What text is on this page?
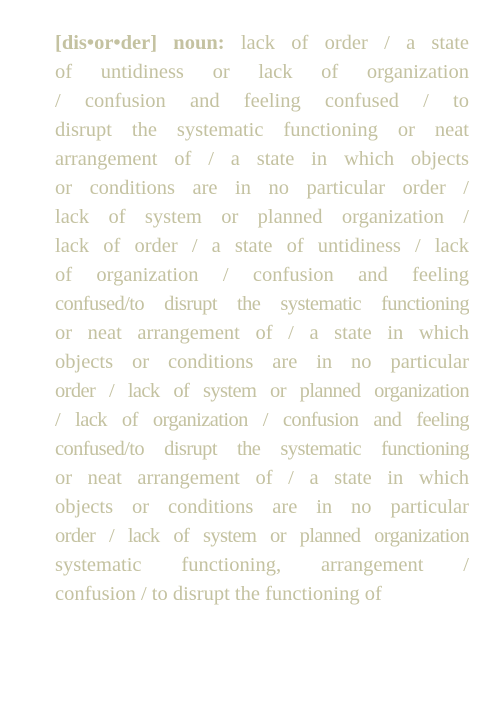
[dis•or•der] noun: lack of order / a state
of untidiness or lack of organization
/ confusion and feeling confused / to
disrupt the systematic functioning or neat
arrangement of / a state in which objects
or conditions are in no particular order /
lack of system or planned organization /
lack of order / a state of untidiness / lack
of organization / confusion and feeling
confused/to disrupt the systematic functioning
or neat arrangement of / a state in which
objects or conditions are in no particular
order / lack of system or planned organization
/ lack of organization / confusion and feeling
confused/to disrupt the systematic functioning
or neat arrangement of / a state in which
objects or conditions are in no particular
order / lack of system or planned organization
systematic functioning, arrangement /
confusion / to disrupt the functioning of
